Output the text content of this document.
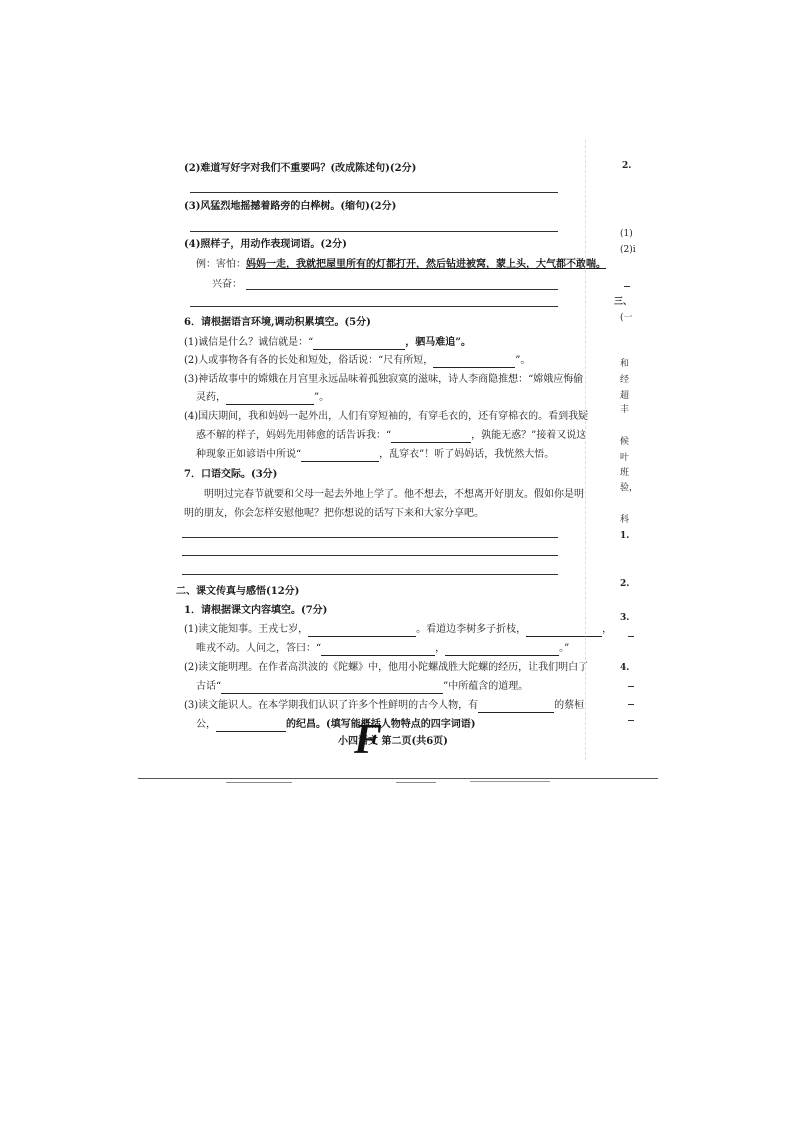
(2)难道写好字对我们不重要吗？(改成陈述句)(2分)
(3)风猛烈地摇撼着路旁的白桦树。(缩句)(2分)
(4)照样子，用动作表现词语。(2分)
例：害怕：妈妈一走，我就把屋里所有的灯都打开，然后钻进被窝，蒙上头，大气都不敢喘。
兴奋：
6．请根据语言环境,调动积累填空。(5分)
(1)诚信是什么？诚信就是：“	，驷马难追”。
(2)人或事物各有各的长处和短处，俗话说：“尺有所短，	”。
(3)神话故事中的嫦娥在月宫里永远品味着孤独寂寞的滋味，诗人李商隐推想：“嫦娥应悔偷
灵药，	”。
(4)国庆期间，我和妈妈一起外出，人们有穿短袖的，有穿毛衣的，还有穿棉衣的。看到我疑
惑不解的样子，妈妈先用韩愈的话告诉我：“	，孰能无惑？”接着又说这
种现象正如谚语中所说“	，乱穿衣”！听了妈妈话，我恍然大悟。
7．口语交际。(3分)
明明过完春节就要和父母一起去外地上学了。他不想去，不想离开好朋友。假如你是明
明的朋友，你会怎样安慰他呢？把你想说的话写下来和大家分享吧。
二、课文传真与感悟(12分)
1．请根据课文内容填空。(7分)
(1)读文能知事。王戎七岁，	。看道边李树多子折枝，	，
唯戎不动。人问之，答曰：“	，	。”
(2)读文能明理。在作者高洪波的《陀螺》中，他用小陀螺战胜大陀螺的经历，让我们明白了
古话“	”中所蕴含的道理。
(3)读文能识人。在本学期我们认识了许多个性鲜明的古今人物，有	的蔡桓
公，	的纪昌。(填写能概括人物特点的四字词语)
小四语文 第二页(共6页)
F
2.
(1)
(2)i
三、
(一
和
经
超
丰
候
叶
班
验，
科
1.
2.
3.
4.
